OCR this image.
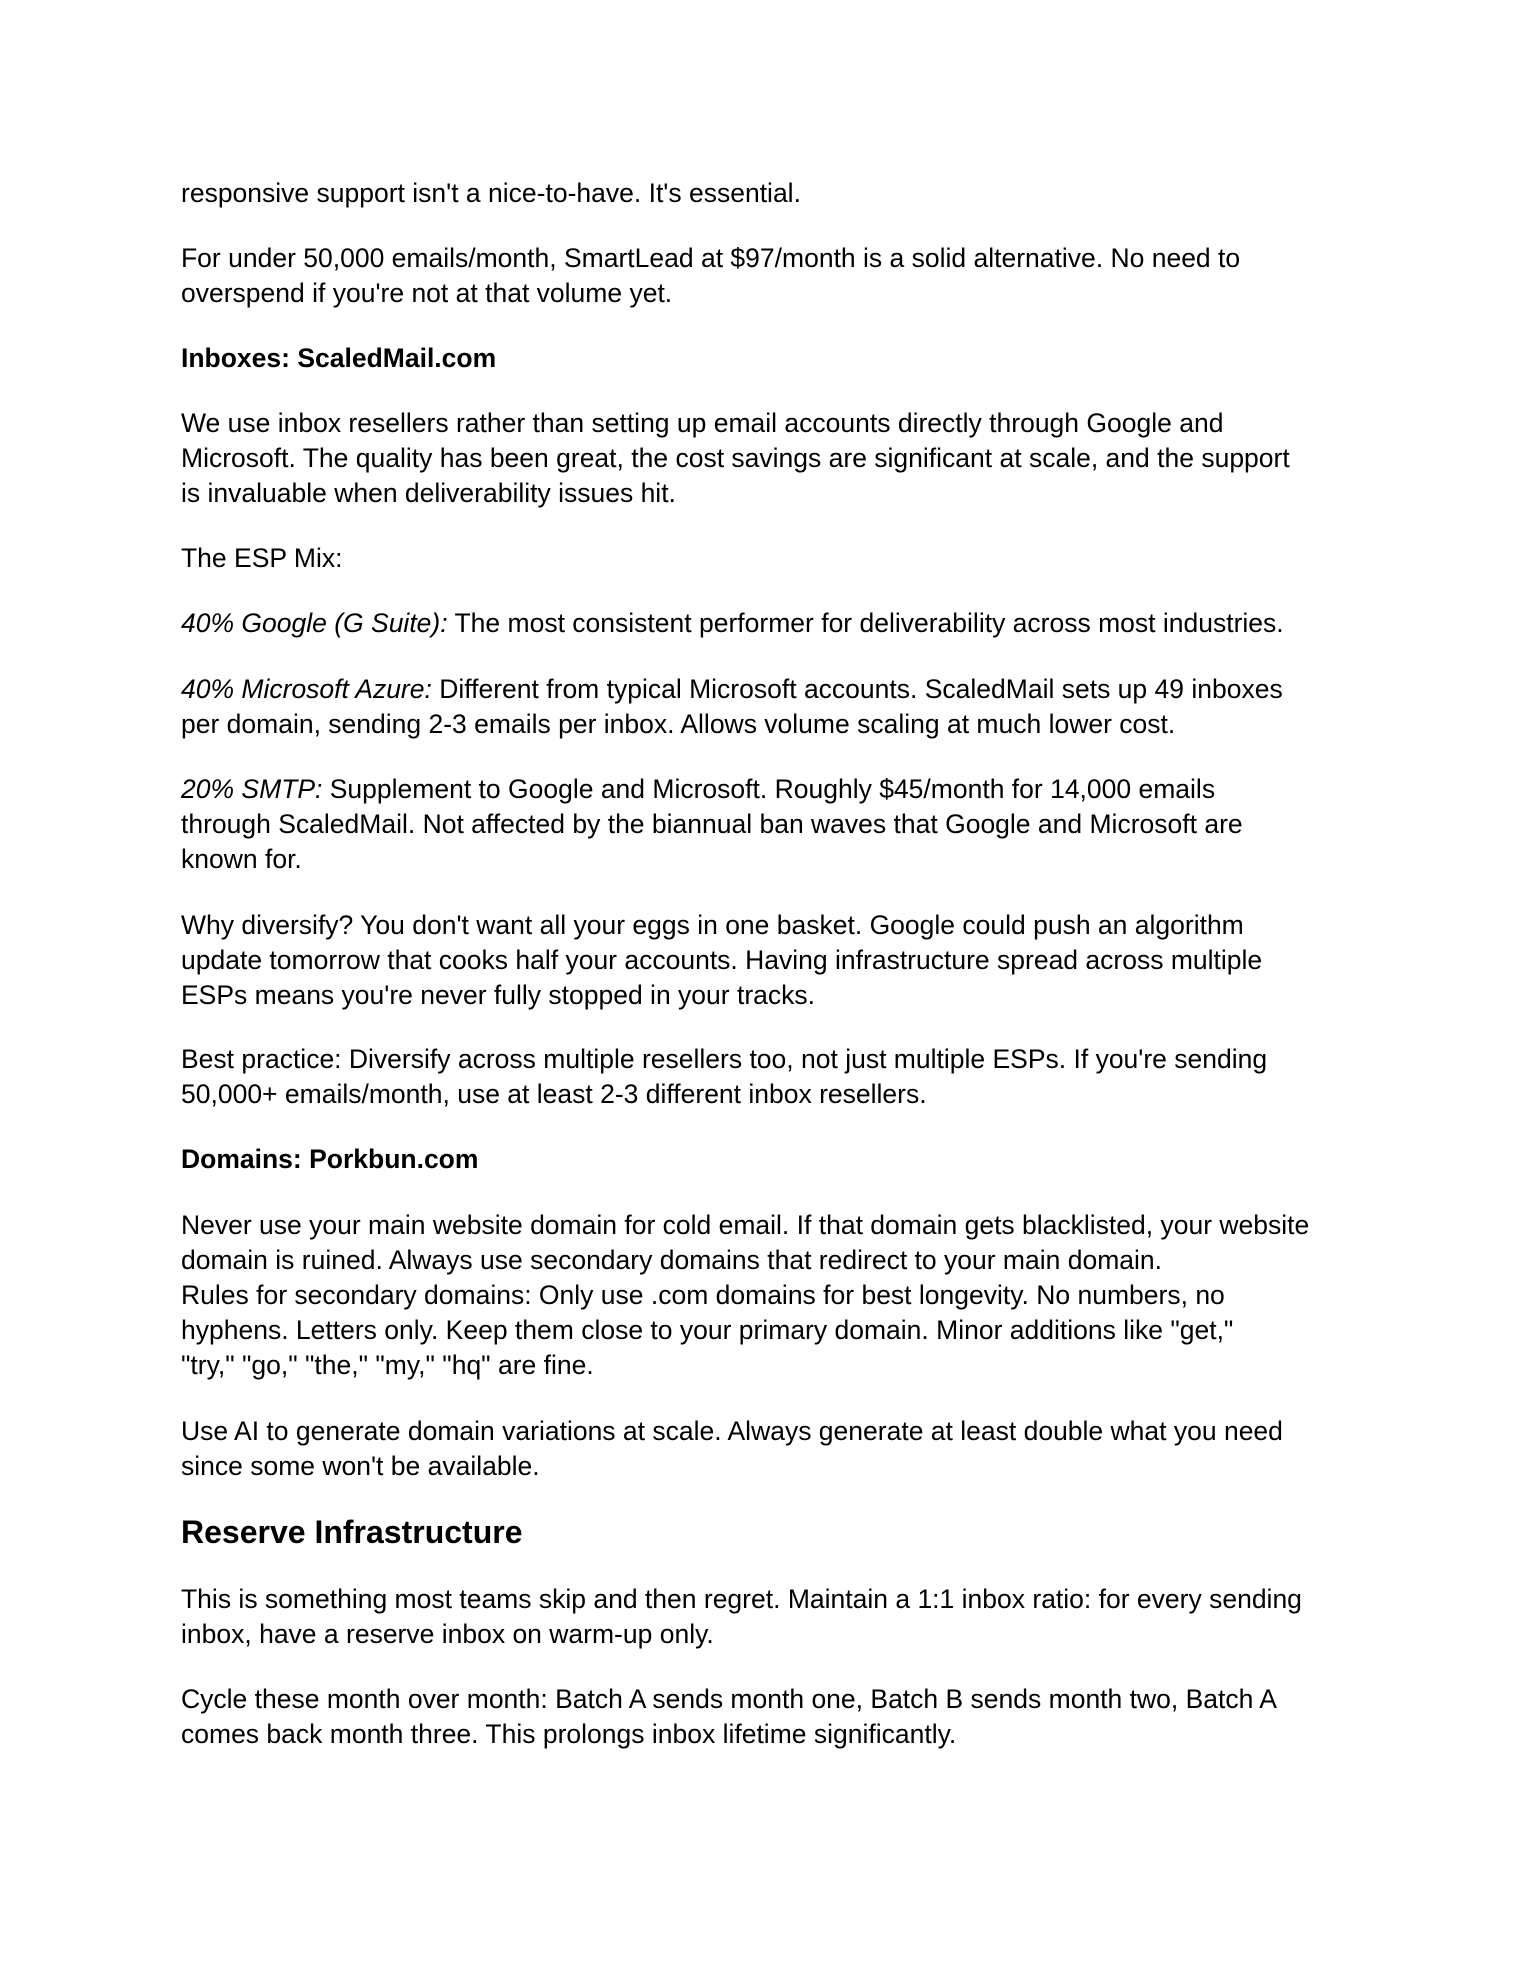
responsive support isn't a nice-to-have. It's essential.

For under 50,000 emails/month, SmartLead at $97/month is a solid alternative. No need to
overspend if you're not at that volume yet.

Inboxes: ScaledMail.com

We use inbox resellers rather than setting up email accounts directly through Google and
Microsoft. The quality has been great, the cost savings are significant at scale, and the support
is invaluable when deliverability issues hit.

The ESP Mix:

40% Google (G Suite): The most consistent performer for deliverability across most industries.

40% Microsoft Azure: Different from typical Microsoft accounts. ScaledMail sets up 49 inboxes
per domain, sending 2-3 emails per inbox. Allows volume scaling at much lower cost.

20% SMTP: Supplement to Google and Microsoft. Roughly $45/month for 14,000 emails
through ScaledMail. Not affected by the biannual ban waves that Google and Microsoft are
known for.

Why diversify? You don't want all your eggs in one basket. Google could push an algorithm
update tomorrow that cooks half your accounts. Having infrastructure spread across multiple
ESPs means you're never fully stopped in your tracks.

Best practice: Diversify across multiple resellers too, not just multiple ESPs. If you're sending
50,000+ emails/month, use at least 2-3 different inbox resellers.

Domains: Porkbun.com

Never use your main website domain for cold email. If that domain gets blacklisted, your website
domain is ruined. Always use secondary domains that redirect to your main domain.
Rules for secondary domains: Only use .com domains for best longevity. No numbers, no
hyphens. Letters only. Keep them close to your primary domain. Minor additions like "get,"
"try," "go," "the," "my," "hq" are fine.

Use AI to generate domain variations at scale. Always generate at least double what you need
since some won't be available.

Reserve Infrastructure

This is something most teams skip and then regret. Maintain a 1:1 inbox ratio: for every sending
inbox, have a reserve inbox on warm-up only.

Cycle these month over month: Batch A sends month one, Batch B sends month two, Batch A
comes back month three. This prolongs inbox lifetime significantly.
